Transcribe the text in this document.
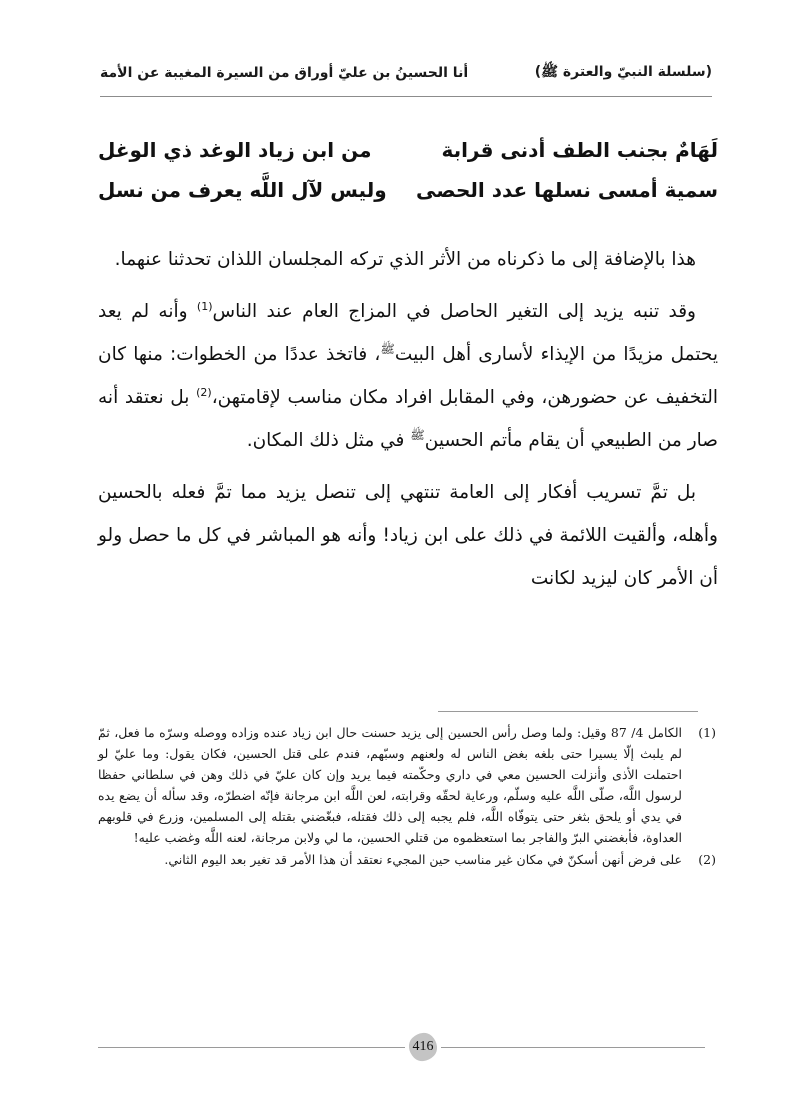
(سلسلة النبيّ والعترة ﷺ)
أنا الحسينُ بن عليّ أوراق من السيرة المغيبة عن الأمة
لَهَامٌ بجنب الطف أدنى قرابة
من ابن زياد الوغد ذي الوغل
سمية أمسى نسلها عدد الحصى
وليس لآل اللَّه يعرف من نسل

هذا بالإضافة إلى ما ذكرناه من الأثر الذي تركه المجلسان اللذان تحدثنا عنهما.

وقد تنبه يزيد إلى التغير الحاصل في المزاج العام عند الناس$^{(1)}$ وأنه لم يعد يحتمل مزيدًا من الإيذاء لأسارى أهل البيت$^ﷺ$، فاتخذ عددًا من الخطوات: منها كان التخفيف عن حضورهن، وفي المقابل افراد مكان مناسب لإقامتهن،$^{(2)}$ بل نعتقد أنه صار من الطبيعي أن يقام مأتم الحسين$^ﷺ$ في مثل ذلك المكان.

بل تمَّ تسريب أفكار إلى العامة تنتهي إلى تنصل يزيد مما تمَّ فعله بالحسين وأهله، وألقيت اللائمة في ذلك على ابن زياد! وأنه هو المباشر في كل ما حصل ولو أن الأمر كان ليزيد لكانت

(1)
الكامل 4/ 87 وقيل: ولما وصل رأس الحسين إلى يزيد حسنت حال ابن زياد عنده وزاده ووصله وسرّه ما فعل، ثمّ لم يلبث إلّا يسيرا حتى بلغه بغض الناس له ولعنهم وسبّهم، فندم على قتل الحسين، فكان يقول: وما عليّ لو احتملت الأذى وأنزلت الحسين معي في داري وحكّمته فيما يريد وإن كان عليّ في ذلك وهن في سلطاني حفظا لرسول اللَّه، صلّى اللَّه عليه وسلّم، ورعاية لحقّه وقرابته، لعن اللَّه ابن مرجانة فإنّه اضطرّه، وقد سأله أن يضع يده في يدي أو يلحق بثغر حتى يتوفّاه اللَّه، فلم يجبه إلى ذلك فقتله، فبغّضني بقتله إلى المسلمين، وزرع في قلوبهم العداوة، فأبغضني البرّ والفاجر بما استعظموه من قتلي الحسين، ما لي ولابن مرجانة، لعنه اللَّه وغضب عليه!
(2)
على فرض أنهن أسكنّ في مكان غير مناسب حين المجيء نعتقد أن هذا الأمر قد تغير بعد اليوم الثاني.
416
